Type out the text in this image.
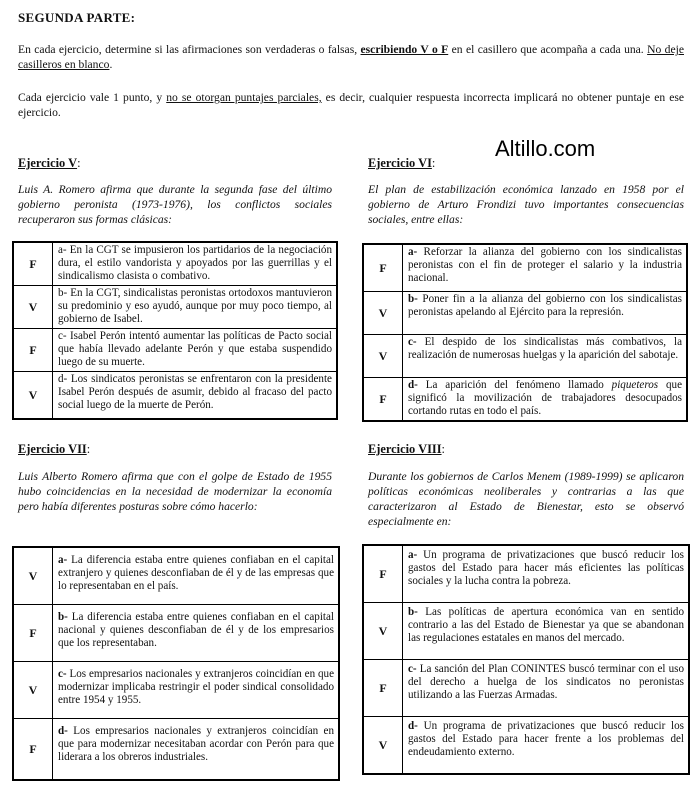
SEGUNDA PARTE:
En cada ejercicio, determine si las afirmaciones son verdaderas o falsas, escribiendo V o F en el casillero que acompaña a cada una. No deje casilleros en blanco.
Cada ejercicio vale 1 punto, y no se otorgan puntajes parciales, es decir, cualquier respuesta incorrecta implicará no obtener puntaje en ese ejercicio.
Altillo.com
Ejercicio V:
Luis A. Romero afirma que durante la segunda fase del último gobierno peronista (1973-1976), los conflictos sociales recuperaron sus formas clásicas:
F	a- En la CGT se impusieron los partidarios de la negociación dura, el estilo vandorista y apoyados por las guerrillas y el sindicalismo clasista o combativo.
V	b- En la CGT, sindicalistas peronistas ortodoxos mantuvieron su predominio y eso ayudó, aunque por muy poco tiempo, al gobierno de Isabel.
F	c- Isabel Perón intentó aumentar las políticas de Pacto social que había llevado adelante Perón y que estaba suspendido luego de su muerte.
V	d- Los sindicatos peronistas se enfrentaron con la presidente Isabel Perón después de asumir, debido al fracaso del pacto social luego de la muerte de Perón.
Ejercicio VI:
El plan de estabilización económica lanzado en 1958 por el gobierno de Arturo Frondizi tuvo importantes consecuencias sociales, entre ellas:
F	a- Reforzar la alianza del gobierno con los sindicalistas peronistas con el fin de proteger el salario y la industria nacional.
V	b- Poner fin a la alianza del gobierno con los sindicalistas peronistas apelando al Ejército para la represión.
V	c- El despido de los sindicalistas más combativos, la realización de numerosas huelgas y la aparición del sabotaje.
F	d- La aparición del fenómeno llamado piqueteros que significó la movilización de trabajadores desocupados cortando rutas en todo el país.
Ejercicio VII:
Luis Alberto Romero afirma que con el golpe de Estado de 1955 hubo coincidencias en la necesidad de modernizar la economía pero había diferentes posturas sobre cómo hacerlo:
V	a- La diferencia estaba entre quienes confiaban en el capital extranjero y quienes desconfiaban de él y de las empresas que lo representaban en el país.
F	b- La diferencia estaba entre quienes confiaban en el capital nacional y quienes desconfiaban de él y de los empresarios que los representaban.
V	c- Los empresarios nacionales y extranjeros coincidían en que modernizar implicaba restringir el poder sindical consolidado entre 1954 y 1955.
F	d- Los empresarios nacionales y extranjeros coincidían en que para modernizar necesitaban acordar con Perón para que liderara a los obreros industriales.
Ejercicio VIII:
Durante los gobiernos de Carlos Menem (1989-1999) se aplicaron políticas económicas neoliberales y contrarias a las que caracterizaron al Estado de Bienestar, esto se observó especialmente en:
F	a- Un programa de privatizaciones que buscó reducir los gastos del Estado para hacer más eficientes las políticas sociales y la lucha contra la pobreza.
V	b- Las políticas de apertura económica van en sentido contrario a las del Estado de Bienestar ya que se abandonan las regulaciones estatales en manos del mercado.
F	c- La sanción del Plan CONINTES buscó terminar con el uso del derecho a huelga de los sindicatos no peronistas utilizando a las Fuerzas Armadas.
V	d- Un programa de privatizaciones que buscó reducir los gastos del Estado para hacer frente a los problemas del endeudamiento externo.
